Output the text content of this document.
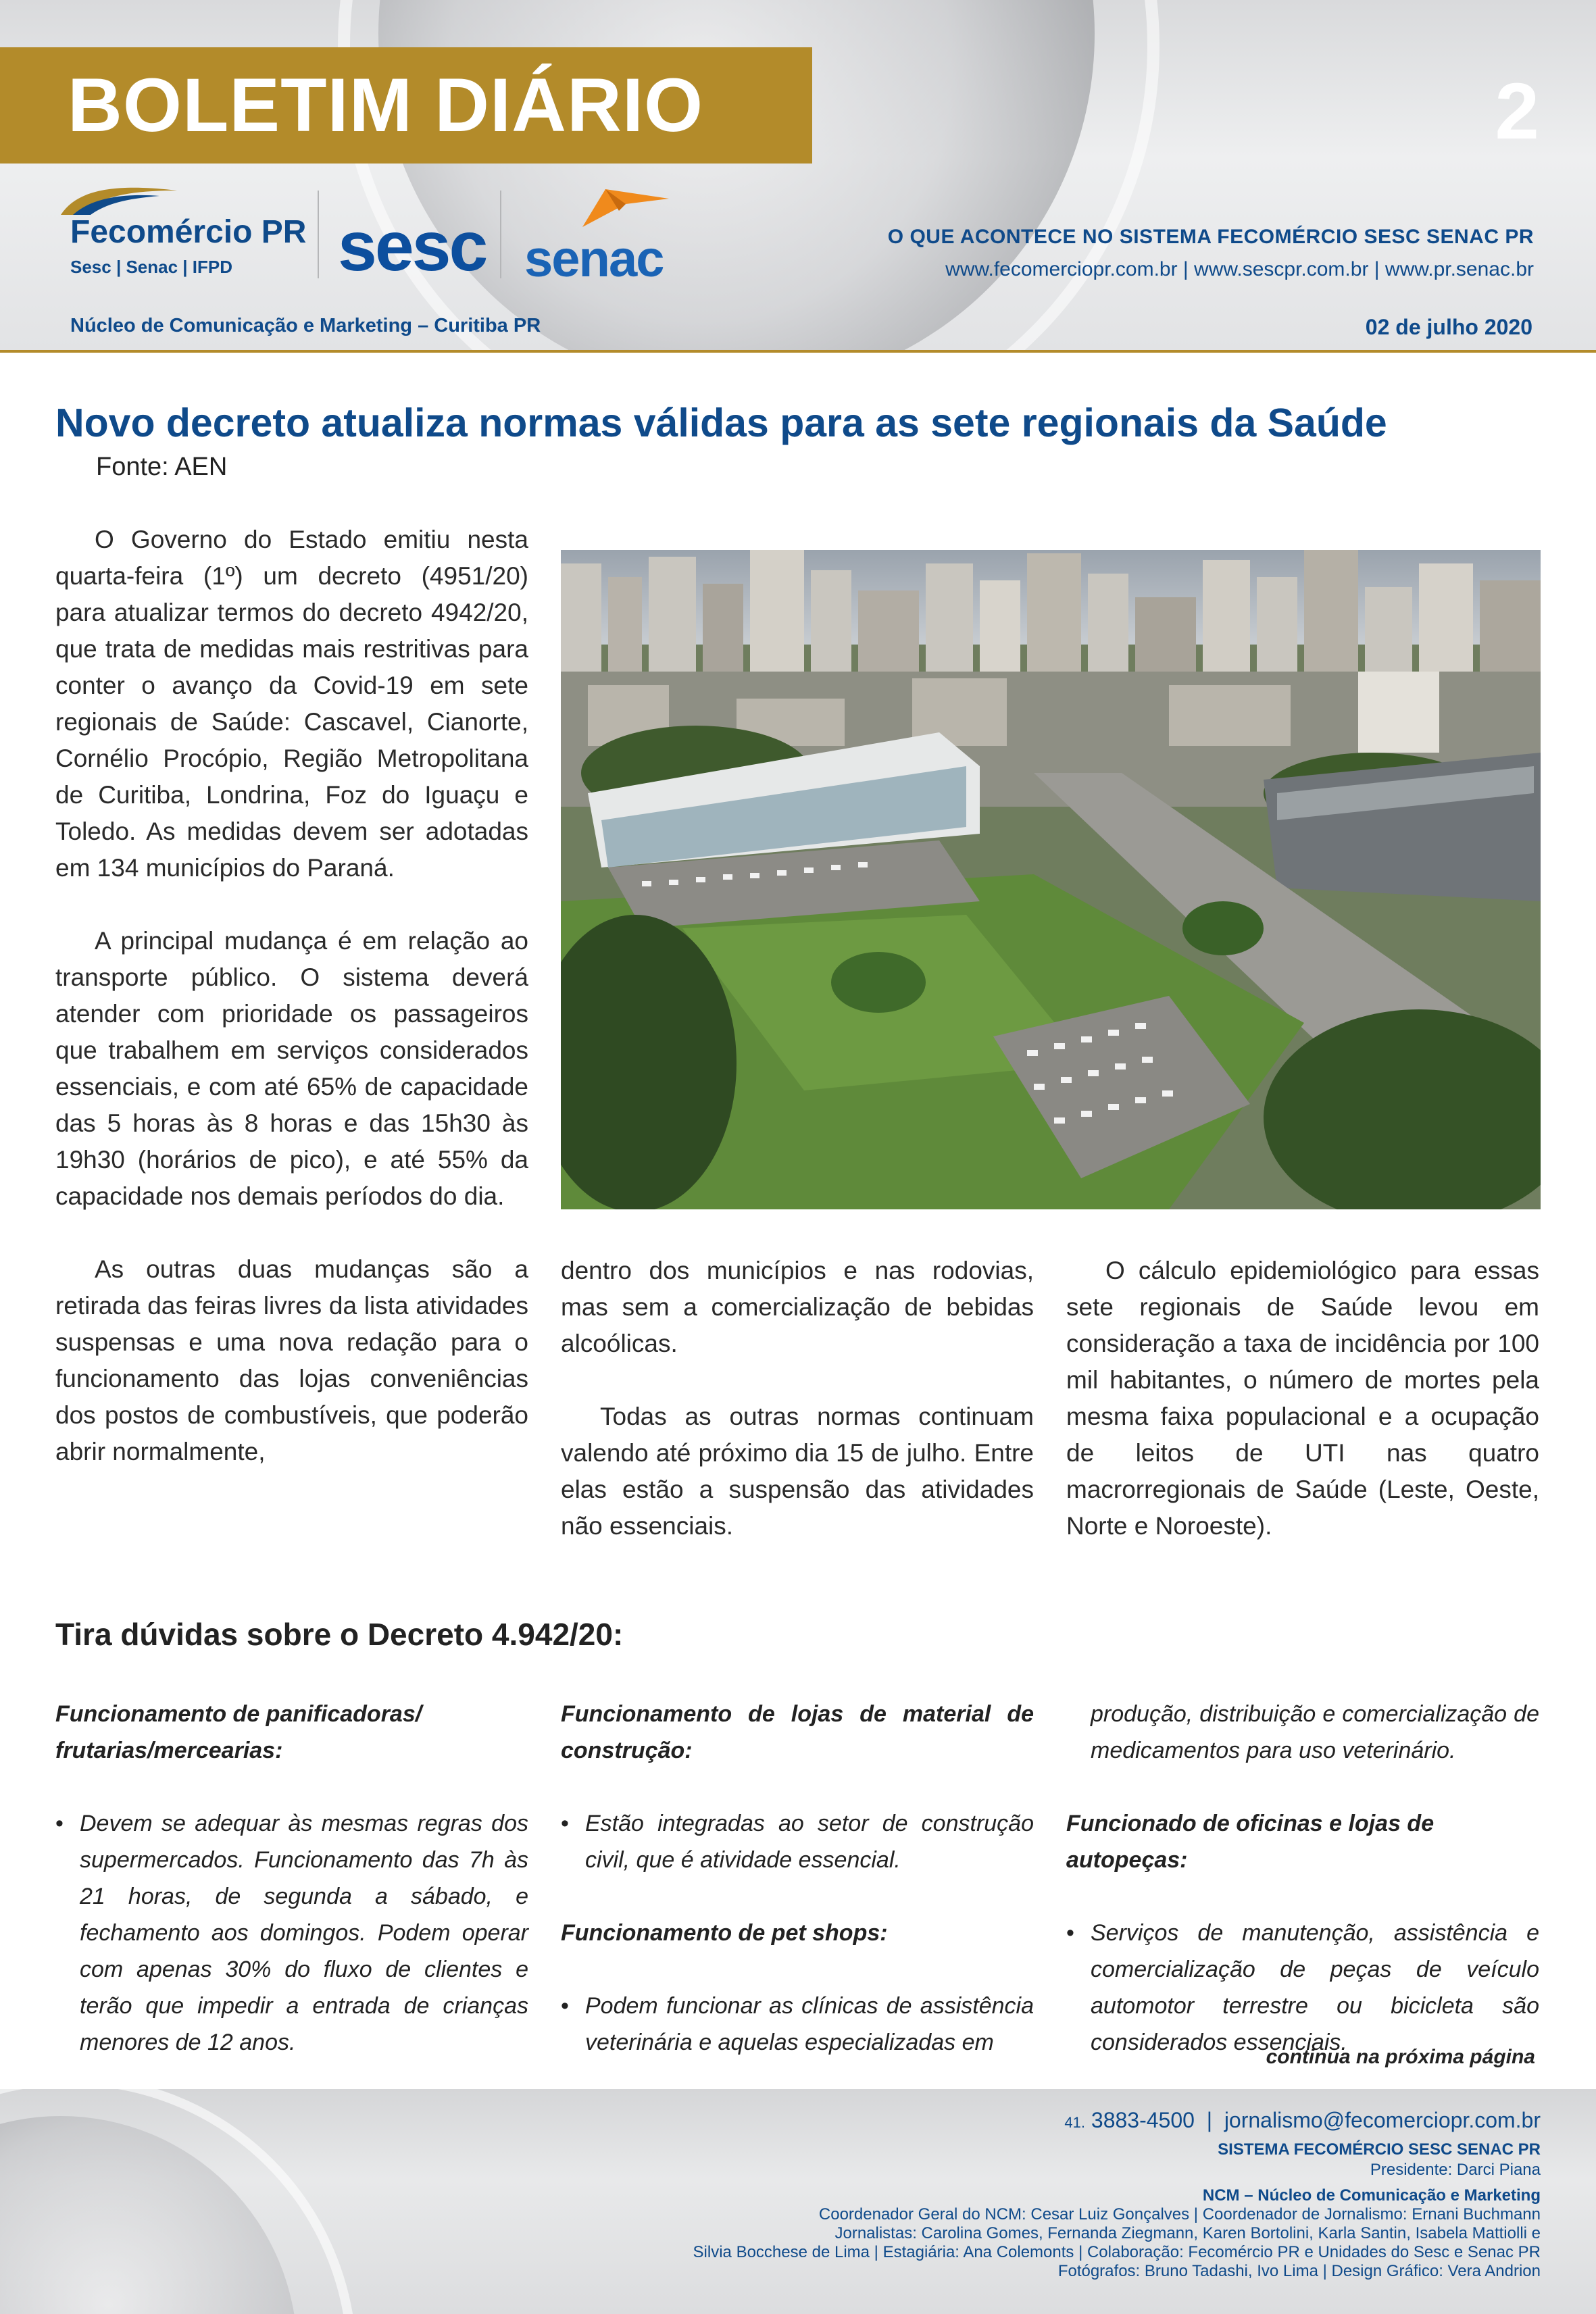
BOLETIM DIÁRIO	2
Fecomércio PR
Sesc | Senac | IFPD sesc senac	O QUE ACONTECE NO SISTEMA FECOMÉRCIO SESC SENAC PR
www.fecomerciopr.com.br | www.sescpr.com.br | www.pr.senac.br
Núcleo de Comunicação e Marketing – Curitiba PR	02 de julho 2020
Novo decreto atualiza normas válidas para as sete regionais da Saúde
Fonte: AEN

O Governo do Estado emitiu nesta quarta-feira (1º) um decreto (4951/20) para atualizar termos do decreto 4942/20, que trata de medidas mais restritivas para conter o avanço da Covid-19 em sete regionais de Saúde: Cascavel, Cianorte, Cornélio Procópio, Região Metropolitana de Curitiba, Londrina, Foz do Iguaçu e Toledo. As medidas devem ser adotadas em 134 municípios do Paraná.

A principal mudança é em relação ao transporte público. O sistema deverá atender com prioridade os passageiros que trabalhem em serviços considerados essenciais, e com até 65% de capacidade das 5 horas às 8 horas e das 15h30 às 19h30 (horários de pico), e até 55% da capacidade nos demais períodos do dia.

As outras duas mudanças são a retirada das feiras livres da lista atividades suspensas e uma nova redação para o funcionamento das lojas conveniências dos postos de combustíveis, que poderão abrir normalmente,

dentro dos municípios e nas rodovias, mas sem a comercialização de bebidas alcoólicas.

Todas as outras normas continuam valendo até próximo dia 15 de julho. Entre elas estão a suspensão das atividades não essenciais.

O cálculo epidemiológico para essas sete regionais de Saúde levou em consideração a taxa de incidência por 100 mil habitantes, o número de mortes pela mesma faixa populacional e a ocupação de leitos de UTI nas quatro macrorregionais de Saúde (Leste, Oeste, Norte e Noroeste).

Tira dúvidas sobre o Decreto 4.942/20:
Funcionamento de panificadoras/ frutarias/mercearias:
• Devem se adequar às mesmas regras dos supermercados. Funcionamento das 7h às 21 horas, de segunda a sábado, e fechamento aos domingos. Podem operar com apenas 30% do fluxo de clientes e terão que impedir a entrada de crianças menores de 12 anos.
Funcionamento de lojas de material de construção:
• Estão integradas ao setor de construção civil, que é atividade essencial.
Funcionamento de pet shops:
• Podem funcionar as clínicas de assistência veterinária e aquelas especializadas em
produção, distribuição e comercialização de medicamentos para uso veterinário.
Funcionado de oficinas e lojas de autopeças:
• Serviços de manutenção, assistência e comercialização de peças de veículo automotor terrestre ou bicicleta são considerados essenciais.
continua na próxima página
41. 3883-4500 | jornalismo@fecomerciopr.com.br
SISTEMA FECOMÉRCIO SESC SENAC PR
Presidente: Darci Piana
NCM – Núcleo de Comunicação e Marketing
Coordenador Geral do NCM: Cesar Luiz Gonçalves | Coordenador de Jornalismo: Ernani Buchmann
Jornalistas: Carolina Gomes, Fernanda Ziegmann, Karen Bortolini, Karla Santin, Isabela Mattiolli e
Silvia Bocchese de Lima | Estagiária: Ana Colemonts | Colaboração: Fecomércio PR e Unidades do Sesc e Senac PR
Fotógrafos: Bruno Tadashi, Ivo Lima | Design Gráfico: Vera Andrion
